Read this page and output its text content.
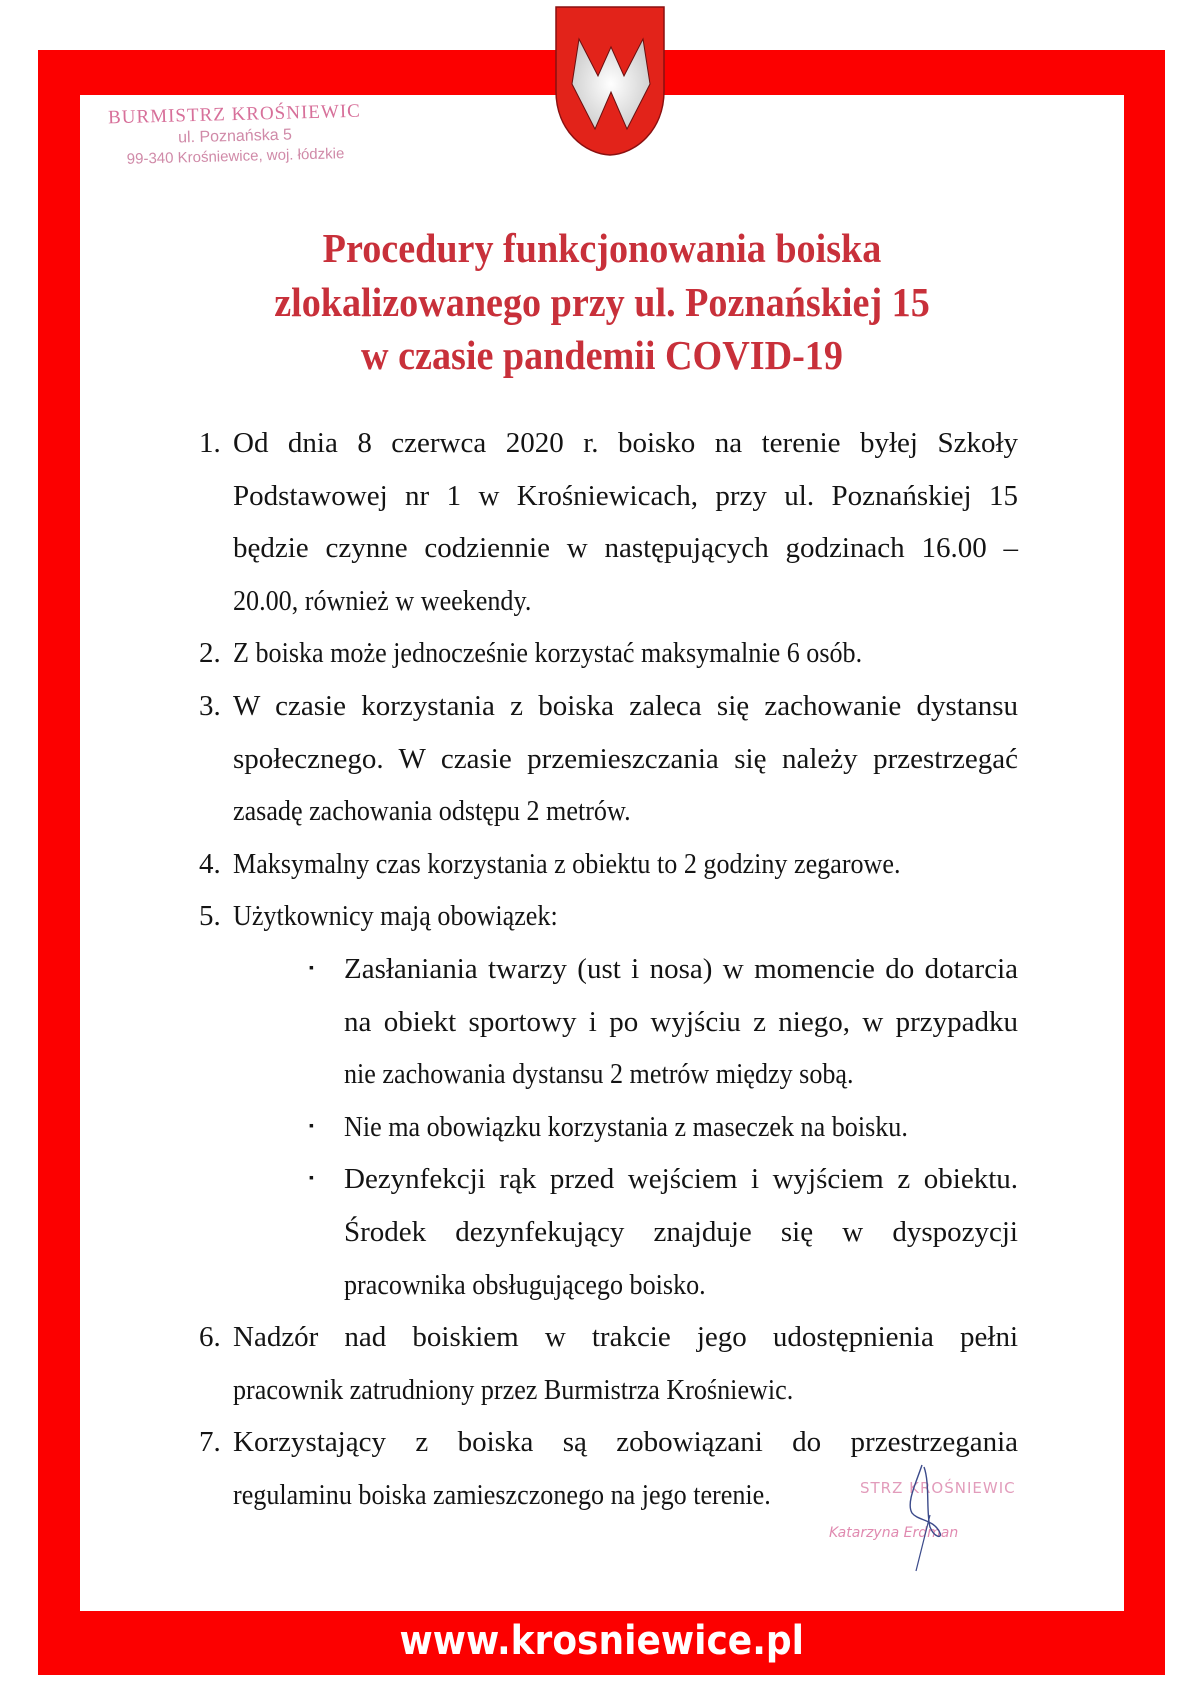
BURMISTRZ KROŚNIEWIC
ul. Poznańska 5
99-340 Krośniewice, woj. łódzkie
Procedury funkcjonowania boiska
zlokalizowanego przy ul. Poznańskiej 15
w czasie pandemii COVID-19
1. Od dnia 8 czerwca 2020 r. boisko na terenie byłej Szkoły
Podstawowej nr 1 w Krośniewicach, przy ul. Poznańskiej 15
będzie czynne codziennie w następujących godzinach 16.00 –
20.00, również w weekendy.
2. Z boiska może jednocześnie korzystać maksymalnie 6 osób.
3. W czasie korzystania z boiska zaleca się zachowanie dystansu
społecznego. W czasie przemieszczania się należy przestrzegać
zasadę zachowania odstępu 2 metrów.
4. Maksymalny czas korzystania z obiektu to 2 godziny zegarowe.
5. Użytkownicy mają obowiązek:
▪ Zasłaniania twarzy (ust i nosa) w momencie do dotarcia
na obiekt sportowy i po wyjściu z niego, w przypadku
nie zachowania dystansu 2 metrów między sobą.
▪ Nie ma obowiązku korzystania z maseczek na boisku.
▪ Dezynfekcji rąk przed wejściem i wyjściem z obiektu.
Środek dezynfekujący znajduje się w dyspozycji
pracownika obsługującego boisko.
6. Nadzór nad boiskiem w trakcie jego udostępnienia pełni
pracownik zatrudniony przez Burmistrza Krośniewic.
7. Korzystający z boiska są zobowiązani do przestrzegania
regulaminu boiska zamieszczonego na jego terenie.	STRZ KROŚNIEWIC
Katarzyna Erdman
www.krosniewice.pl
